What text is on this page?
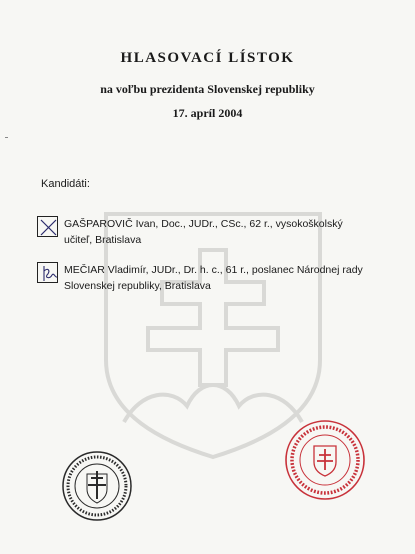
HLASOVACÍ LÍSTOK
na voľbu prezidenta Slovenskej republiky
17. apríl 2004
Kandidáti:
GAŠPAROVIČ Ivan, Doc., JUDr., CSc., 62 r., vysokoškolský
učiteľ, Bratislava
MEČIAR Vladimír, JUDr., Dr. h. c., 61 r., poslanec Národnej rady
Slovenskej republiky, Bratislava
